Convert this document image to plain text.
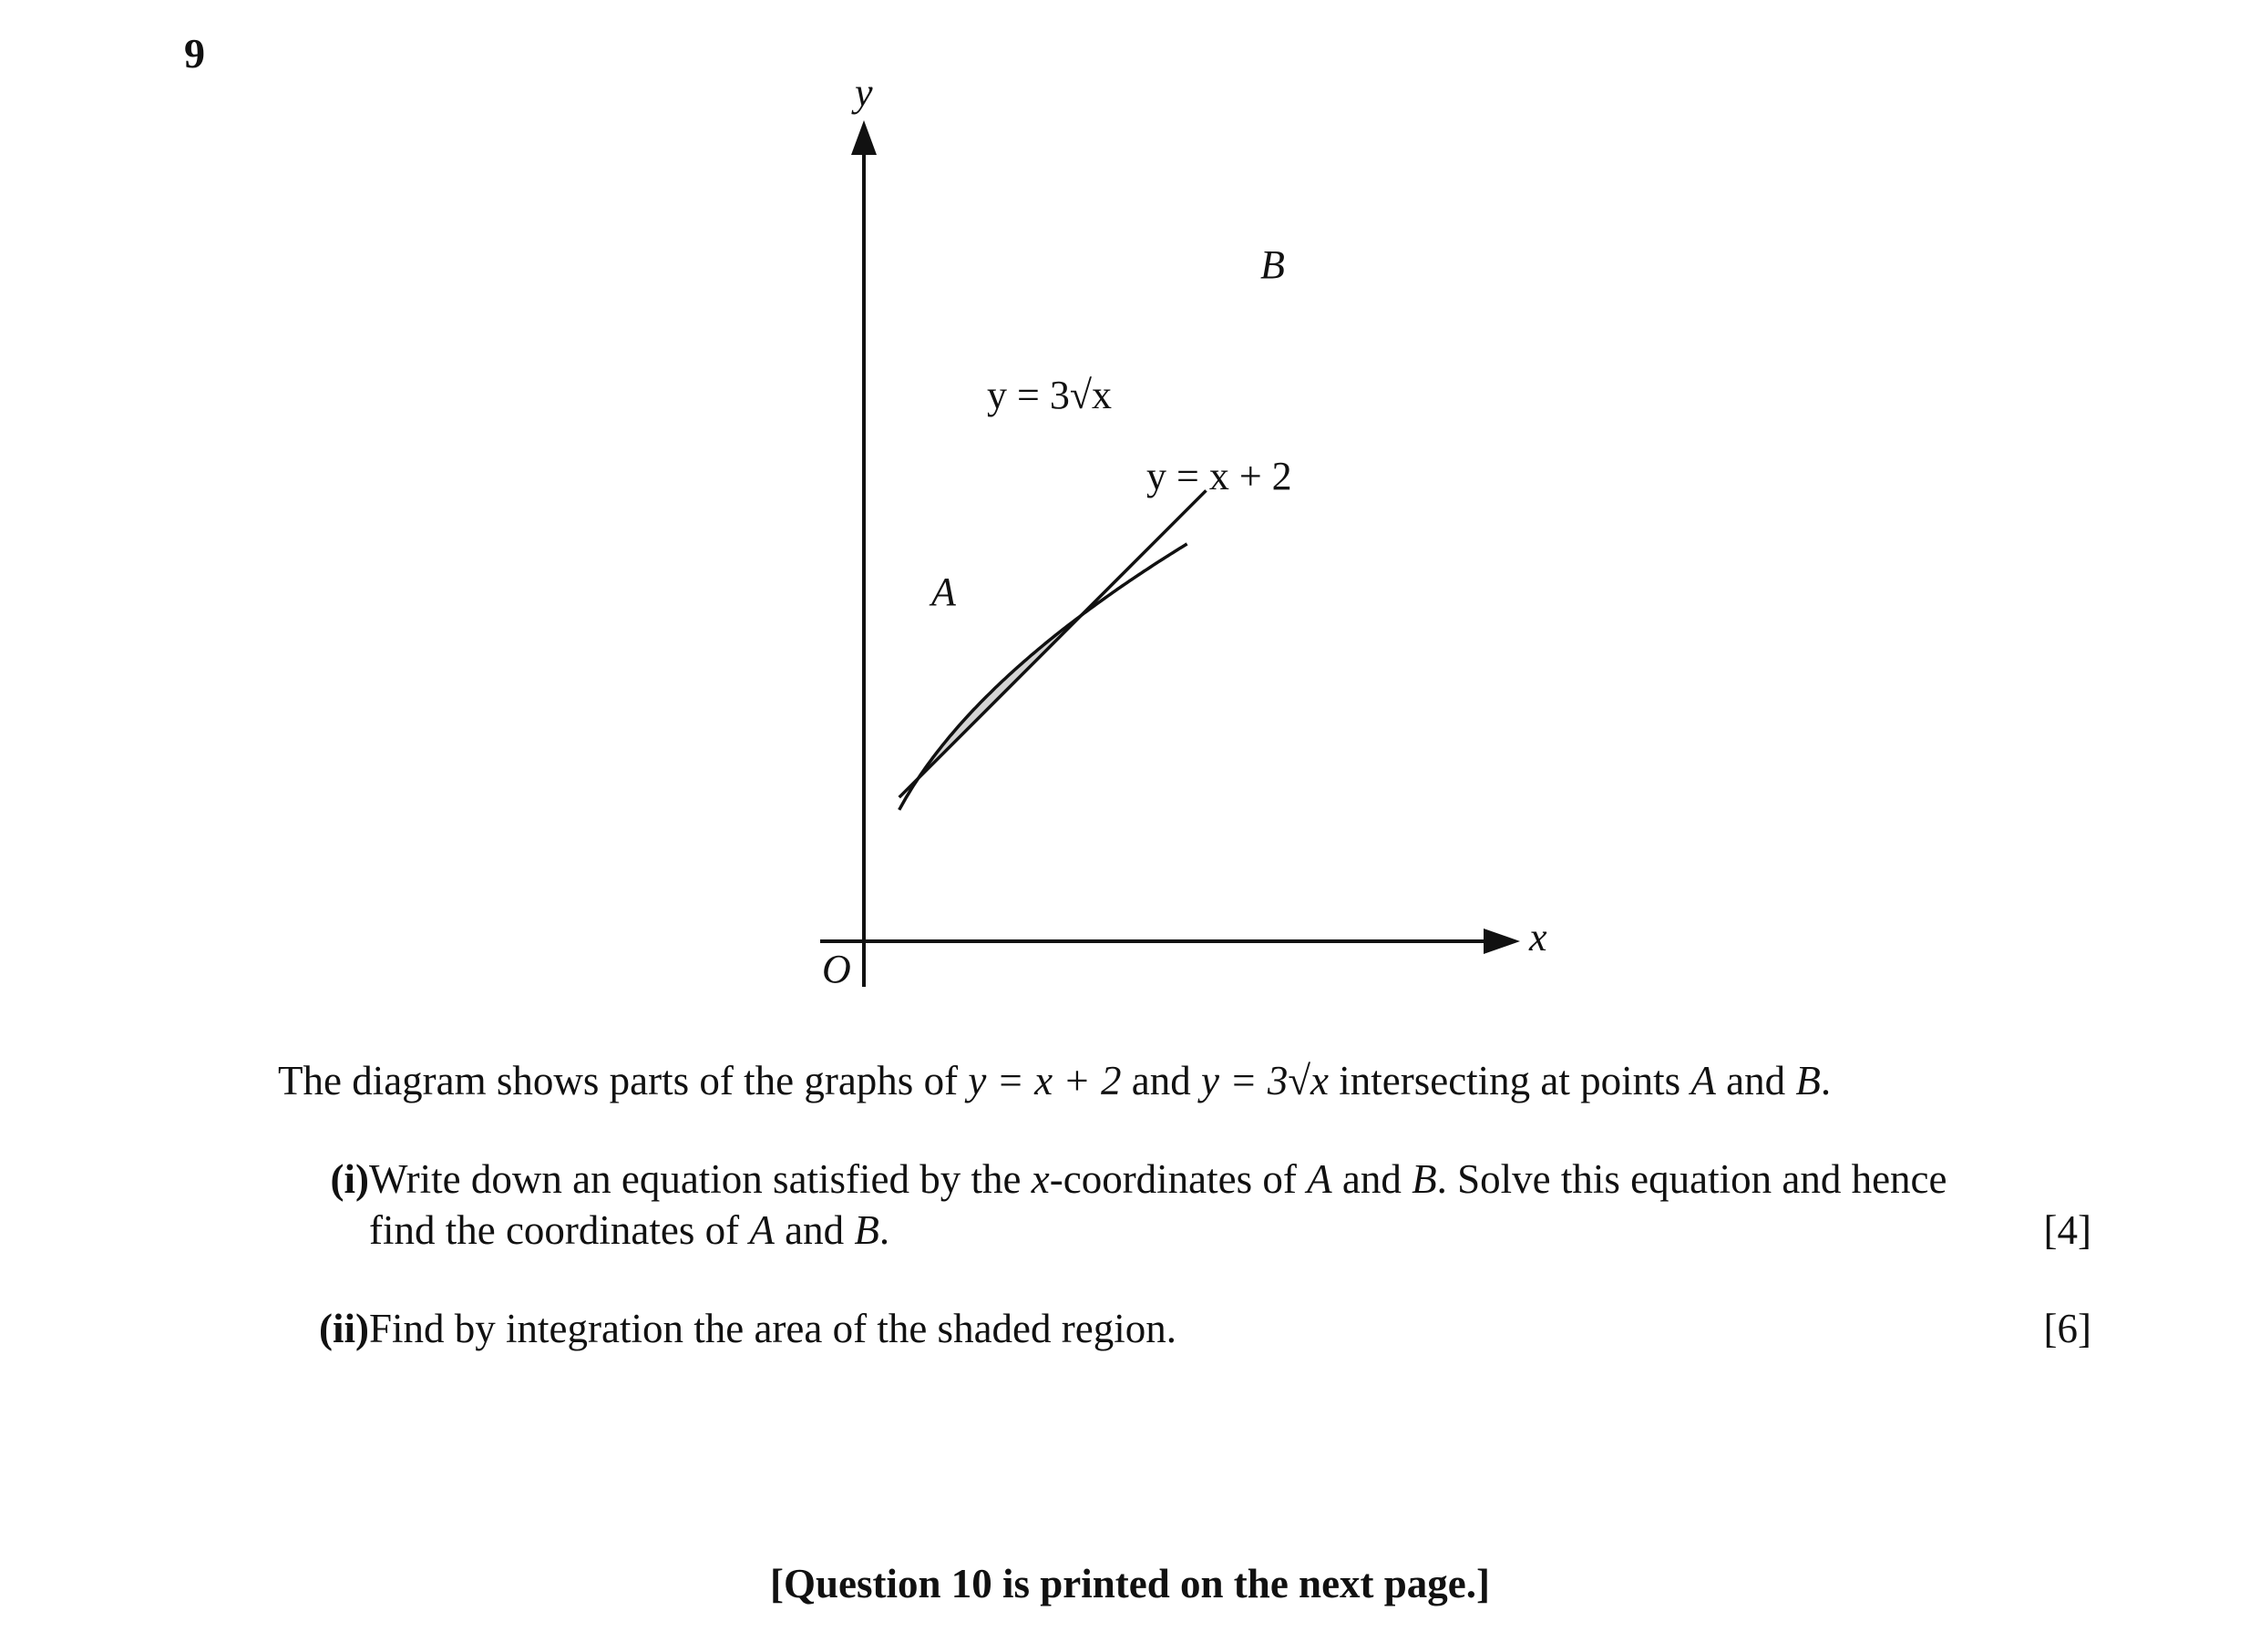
9
y
x
O
A
B
y = 3√x
y = x + 2
The diagram shows parts of the graphs of y = x + 2 and y = 3√x intersecting at points A and B.
(i) Write down an equation satisfied by the x-coordinates of A and B. Solve this equation and hence
find the coordinates of A and B.	[4]
(ii) Find by integration the area of the shaded region.	[6]
[Question 10 is printed on the next page.]
